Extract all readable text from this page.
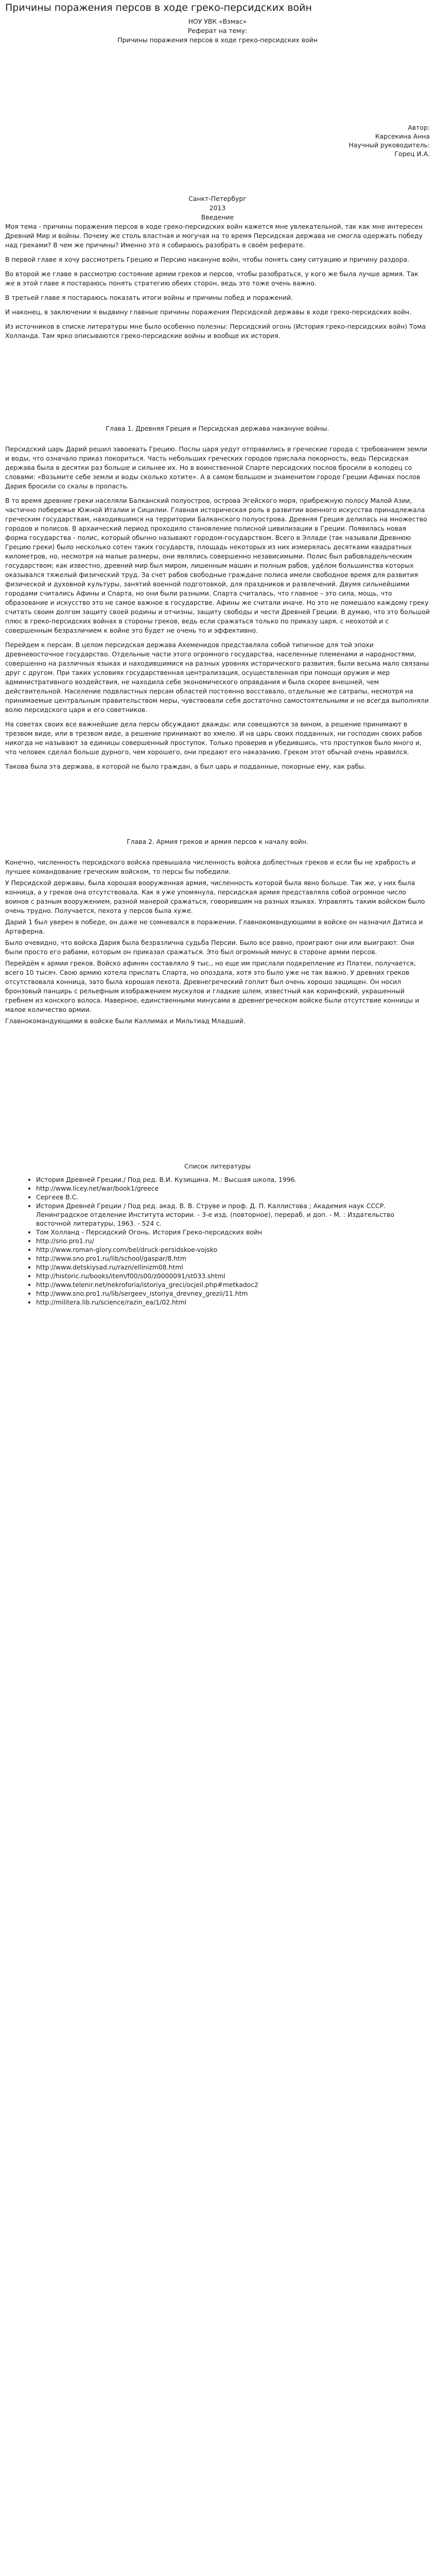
Причины поражения персов в ходе греко-персидских войн

НОУ УВК «Вэмас»

Реферат на тему:

Причины поражения персов в ходе греко-персидских войн

Автор:

Карсекина Анна

Научный руководитель:

Горец И.А.

Санкт-Петербург

2013

Введение

Моя тема - причины поражения персов в ходе греко-персидских войн кажется мне увлекательной, так как мне интересен Древний Мир и войны. Почему же столь властная и могучая на то время Персидская держава не смогла одержать победу над греками? В чем же причины? Именно это я собираюсь разобрать в своём реферате.

В первой главе я хочу рассмотреть Грецию и Персию накануне войн, чтобы понять саму ситуацию и причину раздора.

Во второй же главе я рассмотрю состояние армии греков и персов, чтобы разобраться, у кого же была лучше армия. Так же в этой главе я постараюсь понять стратегию обеих сторон, ведь это тоже очень важно.

В третьей главе я постараюсь показать итоги войны и причины побед и поражений.

И наконец, в заключении я выдвину главные причины поражения Персидской державы в ходе греко-персидских войн.

Из источников в списке литературы мне было особенно полезны: Персидский огонь (История греко-персидских войн) Тома Холланда. Там ярко описываются греко-персидские войны и вообще их история.

Глава 1. Древняя Греция и Персидская держава накануне войны.

Персидский царь Дарий решил завоевать Грецию. Послы царя уедут отправились в греческие города с требованием земли и воды, что означало приказ покориться. Часть небольших греческих городов прислала покорность, ведь Персидская держава была в десятки раз больше и сильнее их. Но в воинственной Спарте персидских послов бросили в колодец со словами: «Возьмите себе земли и воды сколько хотите». А в самом большом и знаменитом городе Греции Афинах послов Дария бросили со скалы в пропасть.

В то время древние греки населяли Балканский полуостров, острова Эгейского моря, прибрежную полосу Малой Азии, частично побережье Южной Италии и Сицилии. Главная историческая роль в развитии военного искусства принадлежала греческим государствам, находившимся на территории Балканского полуострова. Древняя Греция делилась на множество городов и полисов. В архаический период проходило становление полисной цивилизации в Греции. Появилась новая форма государства - полис, который обычно называют городом-государством. Всего в Элладе (так называли Древнюю Грецию греки) было несколько сотен таких государств, площадь некоторых из них измерялась десятками квадратных километров, но, несмотря на малые размеры, они являлись совершенно независимыми. Полис был рабовладельческим государством; как известно, древний мир был миром, лишенным машин и полным рабов, удёлом большинства которых оказывался тяжелый физический труд. За счет рабов свободные граждане полиса имели свободное время для развития физической и духовной культуры, занятий военной подготовкой, для праздников и развлечений. Двумя сильнейшими городами считались Афины и Спарта, но они были разными. Спарта считалась, что главное – это сила, мощь, что образование и искусство это не самое важное в государстве. Афины же считали иначе. Но это не помешало каждому греку считать своим долгом защиту своей родины и отчизны, защиту свободы и чести Древней Греции. В думаю, что это большой плюс в греко-персидских войнах в стороны греков, ведь если сражаться только по приказу царя, с неохотой и с совершенным безразличием к войне это будет не очень то и эффективно.

Перейдем к персам. В целом персидская держава Ахеменидов представляла собой типичное для той эпохи древневосточное государство. Отдельные части этого огромного государства, населенные племенами и народностями, совершенно на различных языках и находившимися на разных уровнях исторического развития, были весьма мало связаны друг с другом. При таких условиях государственная централизация, осуществленная при помощи оружия и мер административного воздействия, не находила себе экономического оправдания и была скорее внешней, чем действительной. Население подвластных персам областей постоянно восставало, отдельные же сатрапы, несмотря на принимаемые центральным правительством меры, чувствовали себя достаточно самостоятельными и не всегда выполняли волю персидского царя и его советников.

На советах своих все важнейшие дела персы обсуждают дважды: или совещаются за вином, а решение принимают в трезвом виде, или в трезвом виде, а решение принимают во хмелю. И на царь своих подданных, ни господин своих рабов никогда не называют за единицы совершенный проступок. Только проверив и убедившись, что проступков было много и, что человек сделал больше дурного, чем хорошего, они предают его наказанию. Греком этот обычай очень нравился.

Такова была эта держава, в которой не было граждан, а был царь и подданные, покорные ему, как рабы.

Глава 2. Армия греков и армия персов к началу войн.

Конечно, численность персидского войска превышала численность войска доблестных греков и если бы не храбрость и лучшее командование греческим войском, то персы бы победили.

У Персидской державы, была хорошая вооруженная армия, численность которой была явно больше. Так же, у них была конница, а у греков она отсутствовала. Как я уже упомянула, персидская армия представляла собой огромное число воинов с разным вооружением, разной манерой сражаться, говорившим на разных языках. Управлять таким войском было очень трудно. Получается, пехота у персов была хуже.

Дарий 1 был уверен в победе, он даже не сомневался в поражении. Главнокомандующими в войске он назначил Датиса и Артаферна.

Было очевидно, что войска Дария была безразлична судьба Персии. Было все равно, проиграют они или выиграют. Они были просто его рабами, которым он приказал сражаться. Это был огромный минус в стороне армии персов.

Перейдём к армии греков. Войско афинян составляло 9 тыс., но еще им прислали подкрепление из Платеи, получается, всего 10 тысяч. Свою армию хотела прислать Спарта, но опоздала, хотя это было уже не так важно. У древних греков отсутствовала конница, зато была хорошая пехота. Древнегреческий гоплит был очень хорошо защищен. Он носил бронзовый панцирь с рельефным изображением мускулов и гладкие шлем, известный как коринфский, украшенный гребнем из конского волоса. Наверное, единственными минусами в древнегреческом войске были отсутствие конницы и малое количество армии.

Главнокомандующими в войске были Каллимах и Мильтиад Младший.

Список литературы

• История Древней Греции./ Под ред. В.И. Кузищина. М.: Высшая школа, 1996.
• http://www.licey.net/war/book1/greece
• Сергеев В.С.
• История Древней Греции / Под ред. акад. В. В. Струве и проф. Д. П. Каллистова ; Академия наук СССР. Ленинградское отделение Института истории. - 3-е изд. (повторное), перераб. и доп. - М. : Издательство восточной литературы, 1963. - 524 с.
• Том Холланд - Персидский Огонь. История Греко-персидских войн
• http://sno.pro1.ru/
• http://www.roman-glory.com/bel/druck-persidskoe-vojsko
• http://www.sno.pro1.ru/lib/school/gaspar/8.htm
• http://www.detskiysad.ru/razn/ellinizm08.html
• http://historic.ru/books/item/f00/s00/z0000091/st033.shtml
• http://www.telenir.net/nekroforia/istoriya_greci/ocjeil.php#metkadoc2
• http://www.sno.pro1.ru/lib/sergeev_istoriya_drevney_grezii/11.htm
• http://militera.lib.ru/science/razin_ea/1/02.html
